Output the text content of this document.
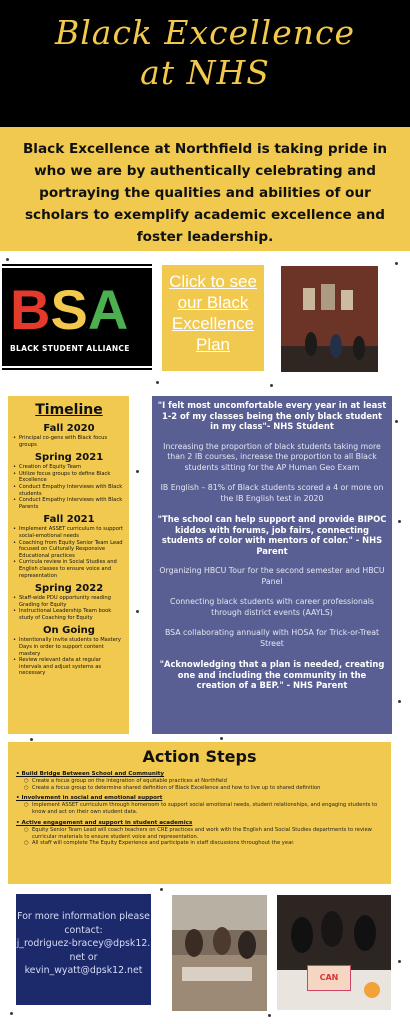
Black Excellence
at NHS

Black Excellence at Northfield is taking pride in who we are by authentically celebrating and portraying the qualities and abilities of our scholars to exemplify academic excellence and foster leadership.

B S A
BLACK STUDENT ALLIANCE
Click to see our Black Excellence Plan
Timeline
Fall 2020
• Principal co-gens with Black focus groups
Spring 2021
• Creation of Equity Team
• Utilize focus groups to define Black Excellence
• Conduct Empathy Interviews with Black students
• Conduct Empathy Interviews with Black Parents
Fall 2021
• Implement ASSET curriculum to support social-emotional needs
• Coaching from Equity Senior Team Lead focused on Culturally Responsive Educational practices
• Curricula review in Social Studies and English classes to ensure voice and representation
Spring 2022
• Staff-wide PDU opportunity reading Grading for Equity
• Instructional Leadership Team book study of Coaching for Equity
On Going
• Intentionally invite students to Mastery Days in order to support content mastery
• Review relevant data at regular intervals and adjust systems as necessary

"I felt most uncomfortable every year in at least 1-2 of my classes being the only black student in my class"- NHS Student

Increasing the proportion of black students taking more than 2 IB courses, increase the proportion to all Black students sitting for the AP Human Geo Exam

IB English – 81% of Black students scored a 4 or more on the IB English test in 2020

"The school can help support and provide BIPOC kiddos with forums, job fairs, connecting students of color with mentors of color." - NHS Parent

Organizing HBCU Tour for the second semester and HBCU Panel

Connecting black students with career professionals through district events (AAYLS)

BSA collaborating annually with HOSA for Trick-or-Treat Street

"Acknowledging that a plan is needed, creating one and including the community in the creation of a BEP." - NHS Parent

Action Steps
• Build Bridge Between School and Community
○ Create a focus group on the integration of equitable practices at Northfield
○ Create a focus group to determine shared definition of Black Excellence and how to live up to shared definition
• Involvement in social and emotional support
○ Implement ASSET curriculum through homeroom to support social emotional needs, student relationships, and engaging students to know and act on their own student data.
• Active engagement and support in student academics
○ Equity Senior Team Lead will coach teachers on CRE practices and work with the English and Social Studies departments to review curricular materials to ensure student voice and representation.
○ All staff will complete The Equity Experience and participate in staff discussions throughout the year.
For more information please contact:
j_rodriguez-bracey@dpsk12.net or
kevin_wyatt@dpsk12.net
CAN
